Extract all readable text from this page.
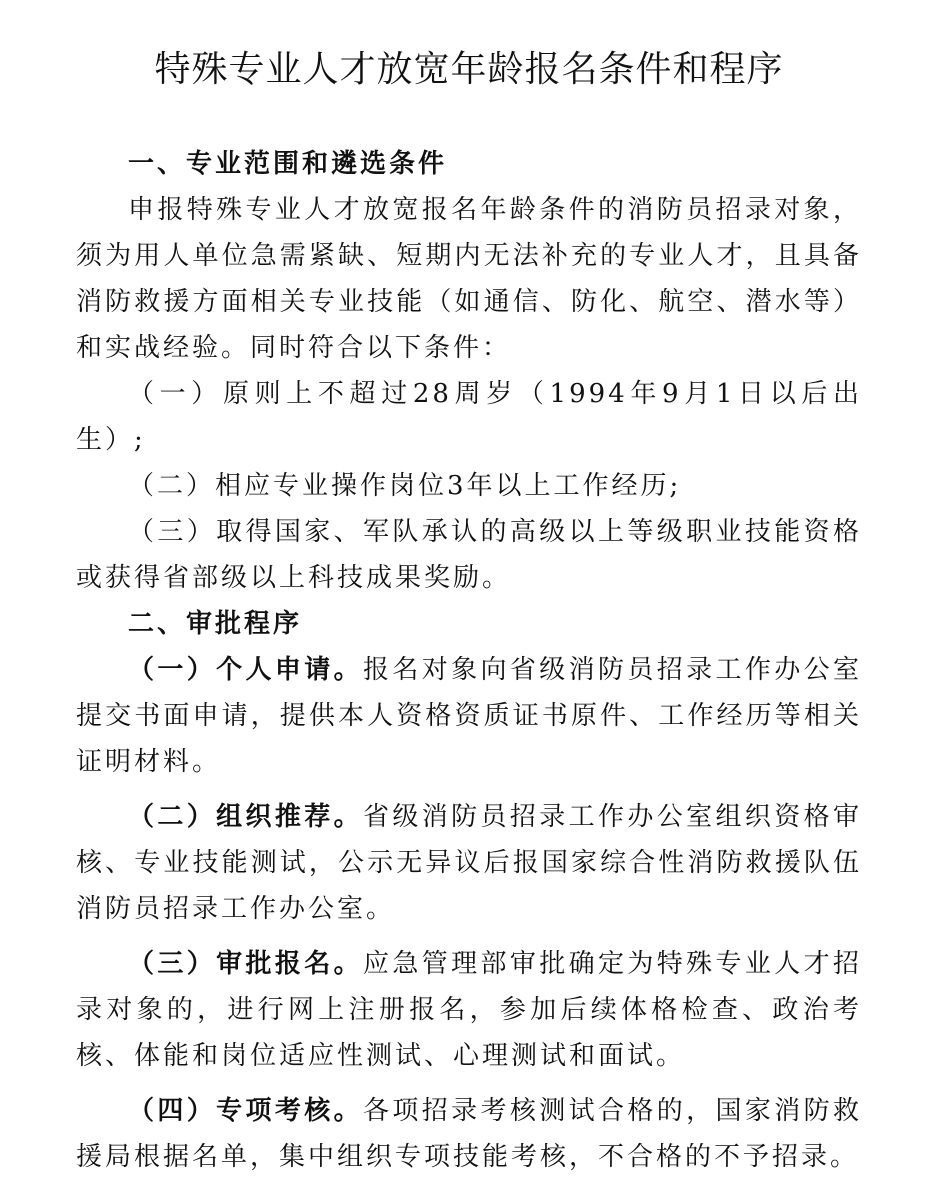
特殊专业人才放宽年龄报名条件和程序

一、专业范围和遴选条件

申报特殊专业人才放宽报名年龄条件的消防员招录对象，须为用人单位急需紧缺、短期内无法补充的专业人才，且具备消防救援方面相关专业技能（如通信、防化、航空、潜水等）和实战经验。同时符合以下条件：

（一）原则上不超过28周岁（1994年9月1日以后出生）;

（二）相应专业操作岗位3年以上工作经历;

（三）取得国家、军队承认的高级以上等级职业技能资格或获得省部级以上科技成果奖励。

二、审批程序

（一）个人申请。报名对象向省级消防员招录工作办公室提交书面申请，提供本人资格资质证书原件、工作经历等相关证明材料。

（二）组织推荐。省级消防员招录工作办公室组织资格审核、专业技能测试，公示无异议后报国家综合性消防救援队伍消防员招录工作办公室。

（三）审批报名。应急管理部审批确定为特殊专业人才招录对象的，进行网上注册报名，参加后续体格检查、政治考核、体能和岗位适应性测试、心理测试和面试。

（四）专项考核。各项招录考核测试合格的，国家消防救援局根据名单，集中组织专项技能考核，不合格的不予招录。
